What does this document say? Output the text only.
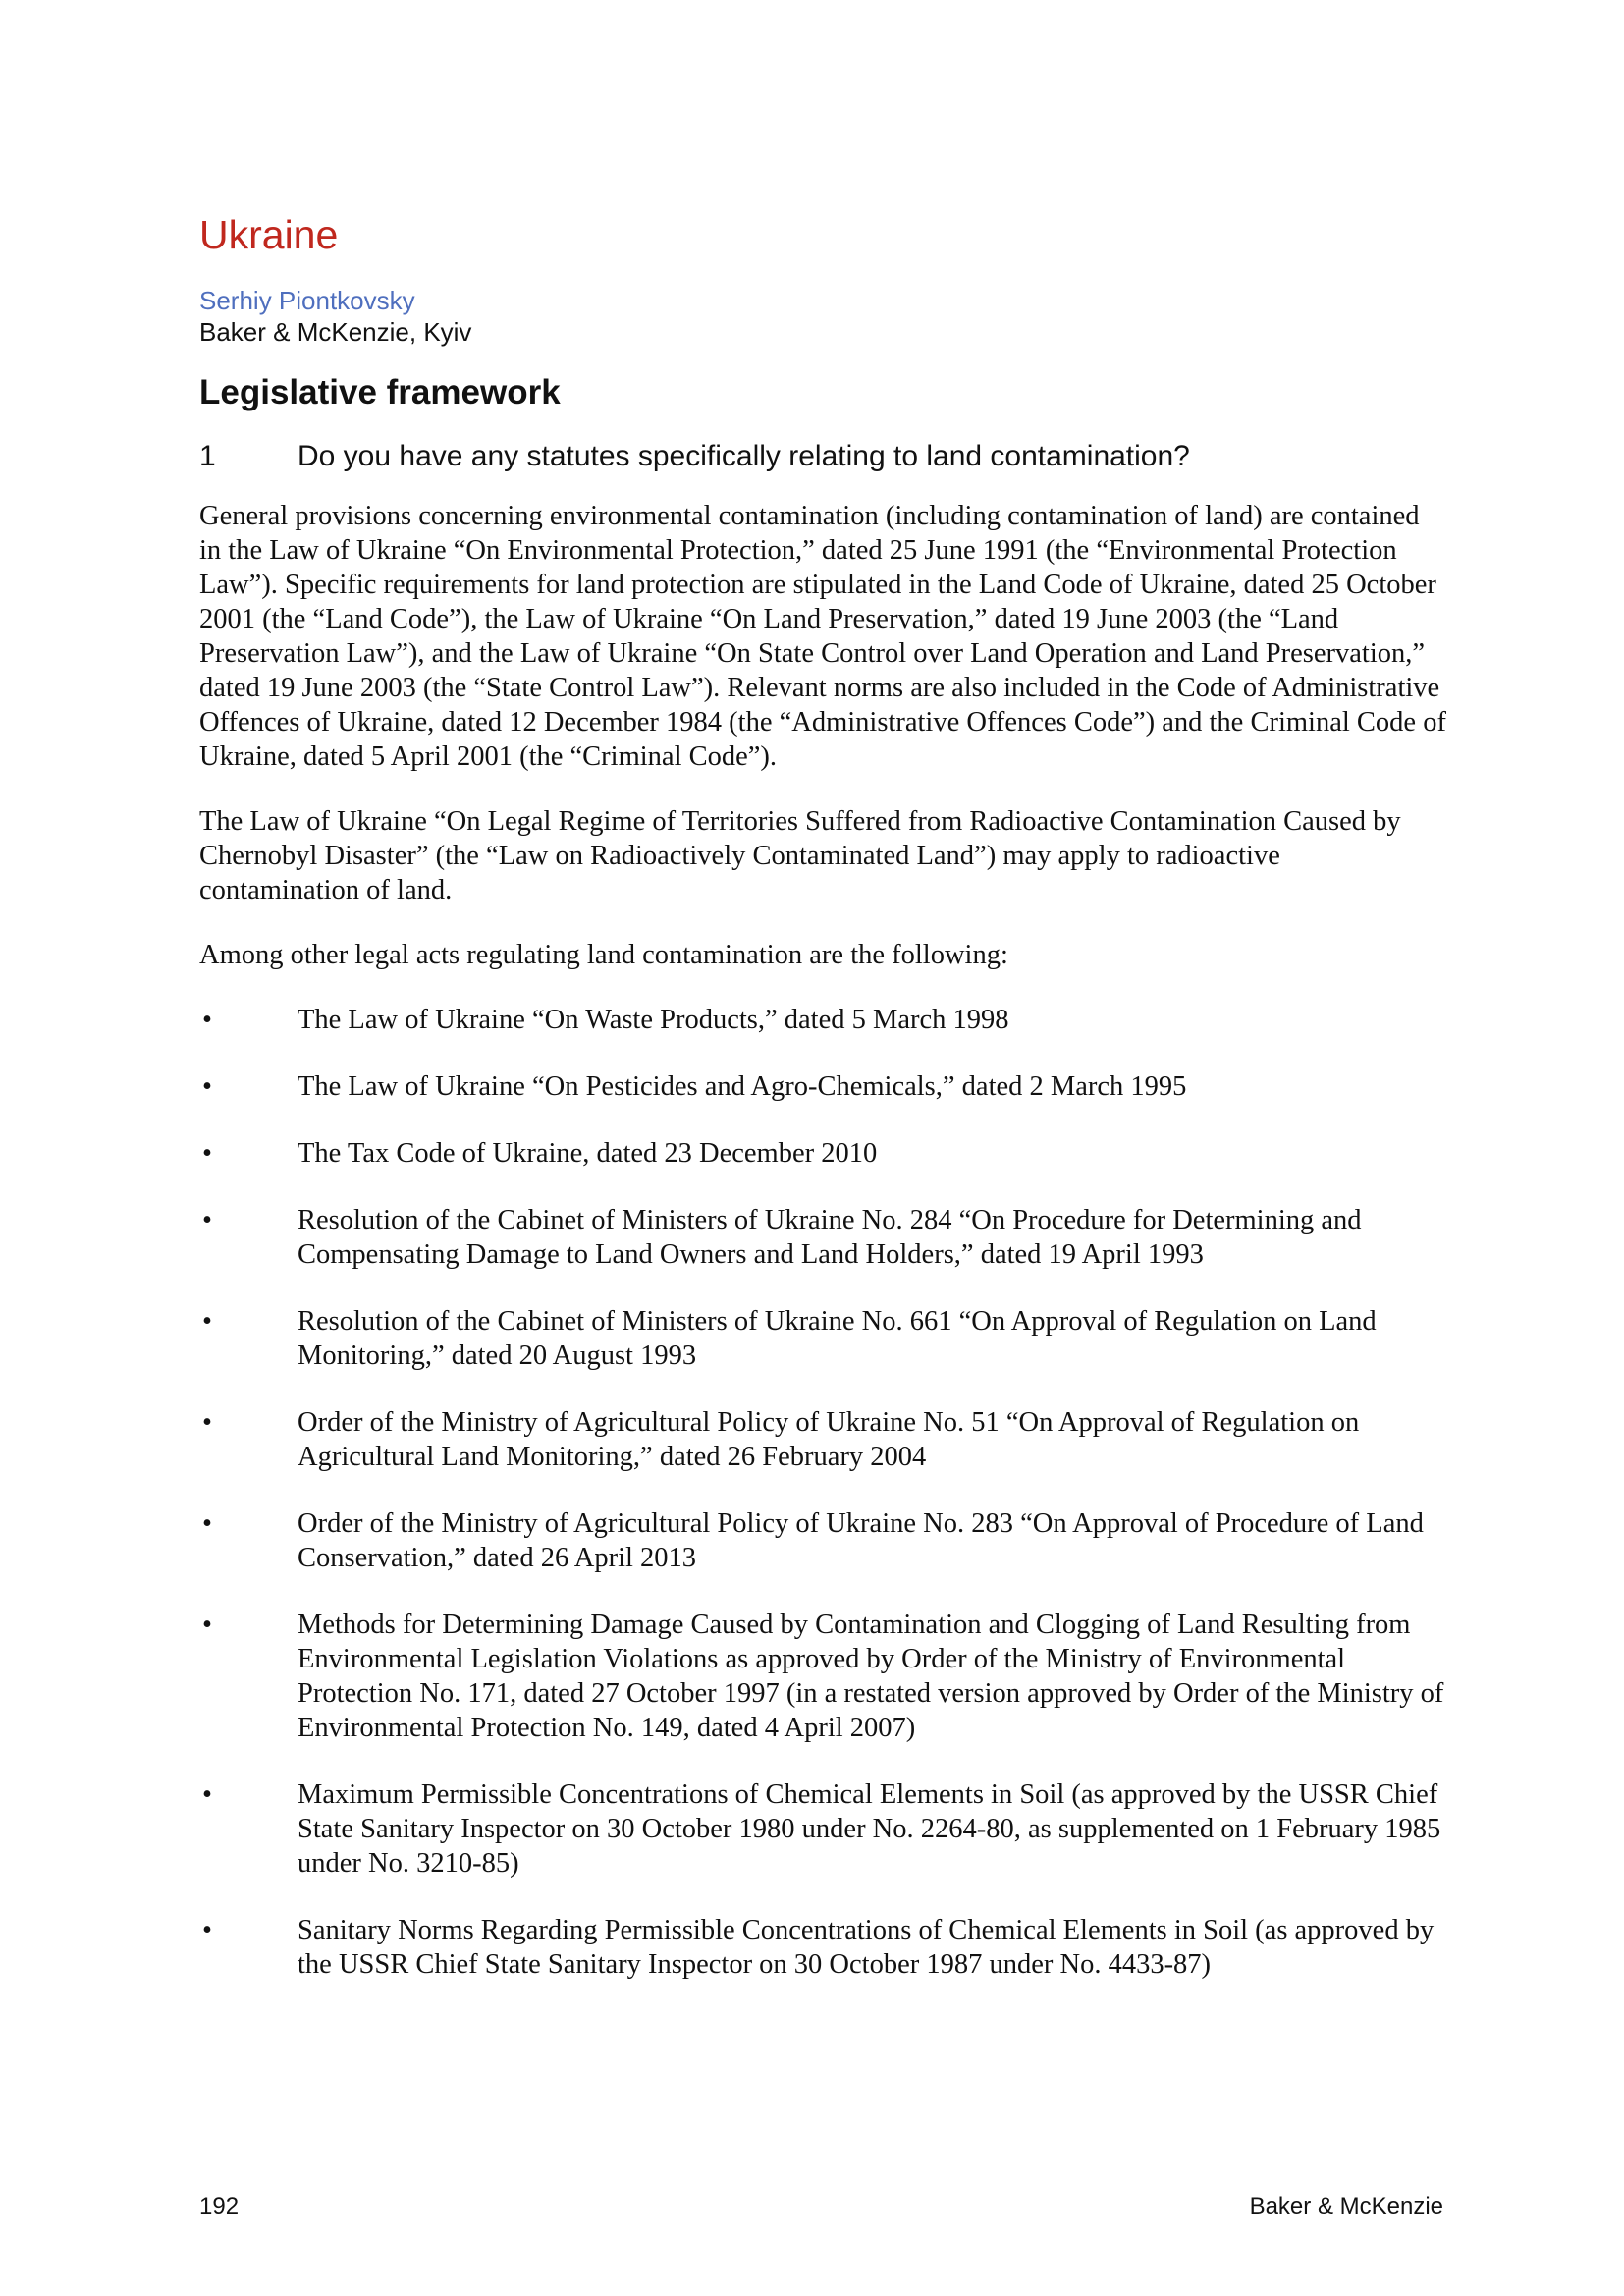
Ukraine
Serhiy Piontkovsky
Baker & McKenzie, Kyiv
Legislative framework
1	Do you have any statutes specifically relating to land contamination?

General provisions concerning environmental contamination (including contamination of land) are contained in the Law of Ukraine “On Environmental Protection,” dated 25 June 1991 (the “Environmental Protection Law”). Specific requirements for land protection are stipulated in the Land Code of Ukraine, dated 25 October 2001 (the “Land Code”), the Law of Ukraine “On Land Preservation,” dated 19 June 2003 (the “Land Preservation Law”), and the Law of Ukraine “On State Control over Land Operation and Land Preservation,” dated 19 June 2003 (the “State Control Law”). Relevant norms are also included in the Code of Administrative Offences of Ukraine, dated 12 December 1984 (the “Administrative Offences Code”) and the Criminal Code of Ukraine, dated 5 April 2001 (the “Criminal Code”).

The Law of Ukraine “On Legal Regime of Territories Suffered from Radioactive Contamination Caused by Chernobyl Disaster” (the “Law on Radioactively Contaminated Land”) may apply to radioactive contamination of land.

Among other legal acts regulating land contamination are the following:

•	The Law of Ukraine “On Waste Products,” dated 5 March 1998
•	The Law of Ukraine “On Pesticides and Agro-Chemicals,” dated 2 March 1995
•	The Tax Code of Ukraine, dated 23 December 2010
•	Resolution of the Cabinet of Ministers of Ukraine No. 284 “On Procedure for Determining and Compensating Damage to Land Owners and Land Holders,” dated 19 April 1993
•	Resolution of the Cabinet of Ministers of Ukraine No. 661 “On Approval of Regulation on Land Monitoring,” dated 20 August 1993
•	Order of the Ministry of Agricultural Policy of Ukraine No. 51 “On Approval of Regulation on Agricultural Land Monitoring,” dated 26 February 2004
•	Order of the Ministry of Agricultural Policy of Ukraine No. 283 “On Approval of Procedure of Land Conservation,” dated 26 April 2013
•	Methods for Determining Damage Caused by Contamination and Clogging of Land Resulting from Environmental Legislation Violations as approved by Order of the Ministry of Environmental Protection No. 171, dated 27 October 1997 (in a restated version approved by Order of the Ministry of Environmental Protection No. 149, dated 4 April 2007)
•	Maximum Permissible Concentrations of Chemical Elements in Soil (as approved by the USSR Chief State Sanitary Inspector on 30 October 1980 under No. 2264-80, as supplemented on 1 February 1985 under No. 3210-85)
•	Sanitary Norms Regarding Permissible Concentrations of Chemical Elements in Soil (as approved by the USSR Chief State Sanitary Inspector on 30 October 1987 under No. 4433-87)
192	Baker & McKenzie
